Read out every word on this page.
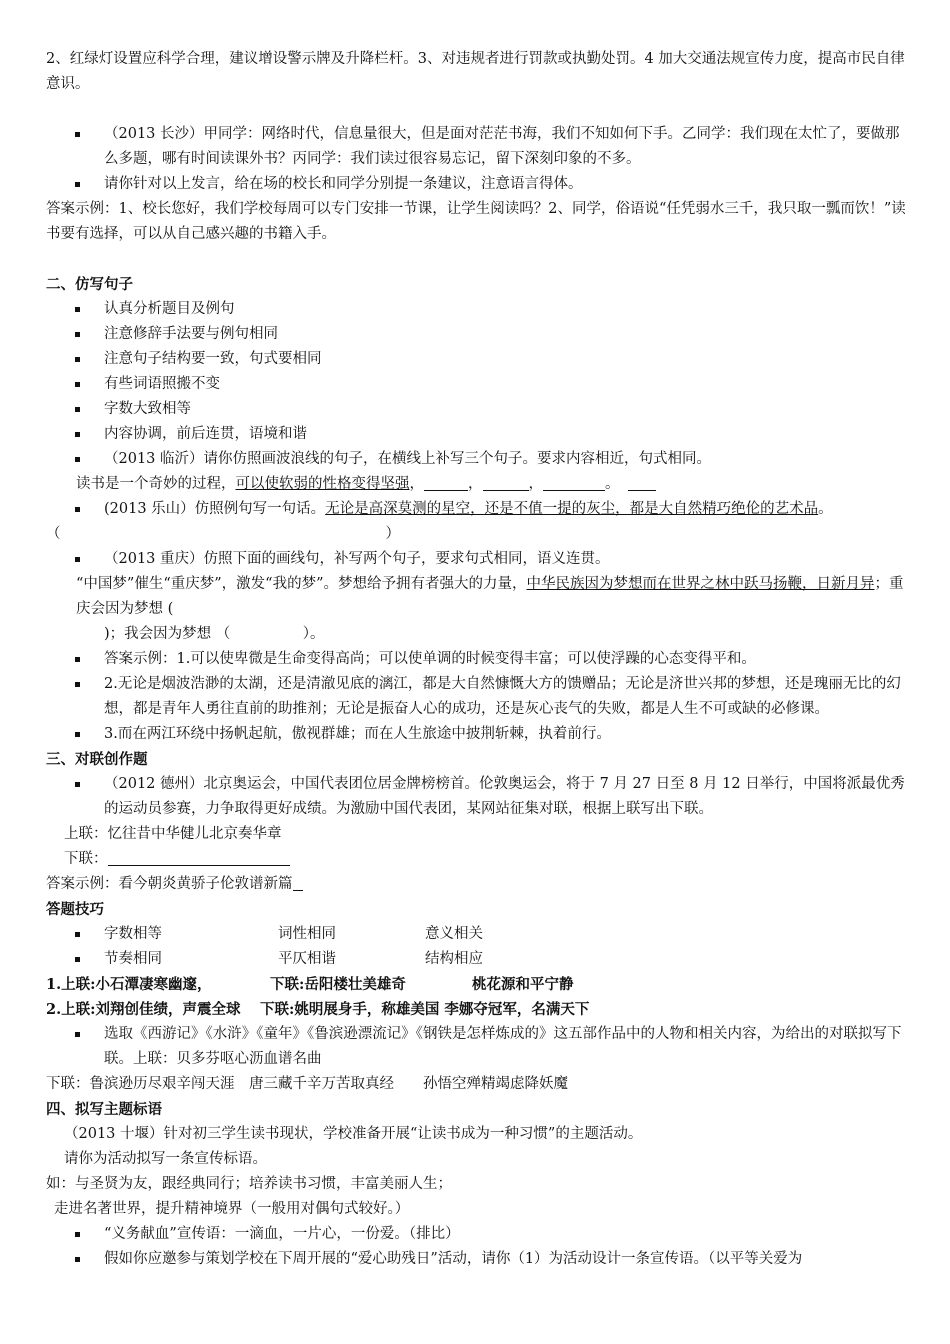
2、红绿灯设置应科学合理，建议增设警示牌及升降栏杆。3、对违规者进行罚款或执勤处罚。4 加大交通法规宣传力度，提高市民自律意识。

（2013 长沙）甲同学：网络时代，信息量很大，但是面对茫茫书海，我们不知如何下手。乙同学：我们现在太忙了，要做那么多题，哪有时间读课外书？丙同学：我们读过很容易忘记，留下深刻印象的不多。

请你针对以上发言，给在场的校长和同学分别提一条建议，注意语言得体。

答案示例：1、校长您好，我们学校每周可以专门安排一节课，让学生阅读吗？2、同学，俗语说“任凭弱水三千，我只取一瓢而饮！”读书要有选择，可以从自己感兴趣的书籍入手。

二、仿写句子

认真分析题目及例句

注意修辞手法要与例句相同

注意句子结构要一致，句式要相同

有些词语照搬不变

字数大致相等

内容协调，前后连贯，语境和谐

（2013 临沂）请你仿照画波浪线的句子，在横线上补写三个句子。要求内容相近，句式相同。

读书是一个奇妙的过程，可以使软弱的性格变得坚强，	，	，	。

(2013 乐山）仿照例句写一句话。无论是高深莫测的星空，还是不值一提的灰尘，都是大自然精巧绝伦的艺术品。

（	）

（2013 重庆）仿照下面的画线句，补写两个句子，要求句式相同，语义连贯。

“中国梦”催生“重庆梦”，激发“我的梦”。梦想给予拥有者强大的力量，中华民族因为梦想而在世界之林中跃马扬鞭，日新月异；重庆会因为梦想 (

)；我会因为梦想 （　　　　　）。

答案示例：1.可以使卑微是生命变得高尚；可以使单调的时候变得丰富；可以使浮躁的心态变得平和。

2.无论是烟波浩渺的太湖，还是清澈见底的漓江，都是大自然慷慨大方的馈赠品；无论是济世兴邦的梦想，还是瑰丽无比的幻想，都是青年人勇往直前的助推剂；无论是振奋人心的成功，还是灰心丧气的失败，都是人生不可或缺的必修课。

3.而在两江环绕中扬帆起航，傲视群雄；而在人生旅途中披荆斩棘，执着前行。

三、对联创作题

（2012 德州）北京奥运会，中国代表团位居金牌榜榜首。伦敦奥运会，将于 7 月 27 日至 8 月 12 日举行，中国将派最优秀的运动员参赛，力争取得更好成绩。为激励中国代表团，某网站征集对联，根据上联写出下联。

上联：忆往昔中华健儿北京奏华章

下联：

答案示例：看今朝炎黄骄子伦敦谱新篇

答题技巧

字数相等	词性相同	意义相关

节奏相同	平仄相谐	结构相应

1.上联:小石潭凄寒幽邃，	下联:岳阳楼壮美雄奇	桃花源和平宁静

2.上联:刘翔创佳绩，声震全球　 下联:姚明展身手，称雄美国 李娜夺冠军，名满天下

选取《西游记》《水浒》《童年》《鲁滨逊漂流记》《钢铁是怎样炼成的》这五部作品中的人物和相关内容，为给出的对联拟写下联。上联：贝多芬呕心沥血谱名曲

下联：鲁滨逊历尽艰辛闯天涯　唐三藏千辛万苦取真经　　孙悟空殚精竭虑降妖魔

四、拟写主题标语

（2013 十堰）针对初三学生读书现状，学校准备开展“让读书成为一种习惯”的主题活动。

请你为活动拟写一条宣传标语。

如：与圣贤为友，跟经典同行；培养读书习惯，丰富美丽人生；

走进名著世界，提升精神境界（一般用对偶句式较好。）

“义务献血”宣传语：一滴血，一片心，一份爱。（排比）

假如你应邀参与策划学校在下周开展的“爱心助残日”活动，请你（1）为活动设计一条宣传语。（以平等关爱为
